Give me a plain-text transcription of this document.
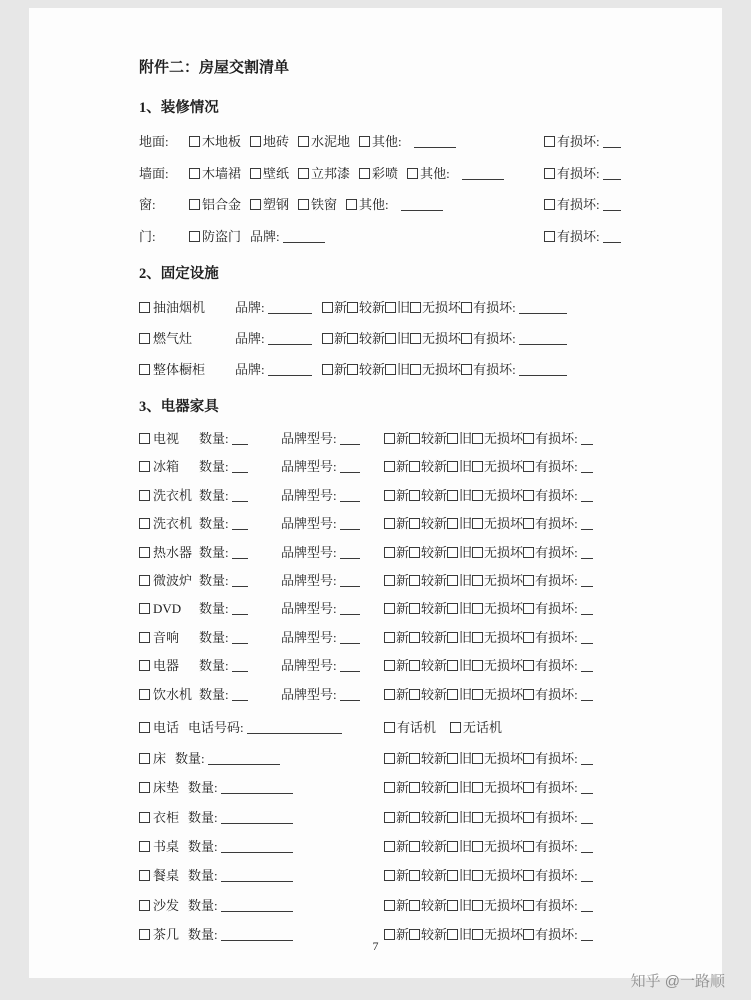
附件二：房屋交割清单
1、装修情况
地面:	木地板 地砖 水泥地 其他:	有损坏:
墙面:	木墙裙 壁纸 立邦漆 彩喷 其他:	有损坏:
窗:	铝合金 塑钢 铁窗 其他:	有损坏:
门:	防盗门 品牌:	有损坏:
2、固定设施
抽油烟机 品牌:	新 较新 旧 无损坏 有损坏:
燃气灶	品牌:	新 较新 旧 无损坏 有损坏:
整体橱柜 品牌:	新 较新 旧 无损坏 有损坏:
3、电器家具
电视 数量:	品牌型号:	新 较新 旧 无损坏 有损坏:
冰箱 数量:	品牌型号:	新 较新 旧 无损坏 有损坏:
洗衣机 数量:	品牌型号:	新 较新 旧 无损坏 有损坏:
洗衣机 数量:	品牌型号:	新 较新 旧 无损坏 有损坏:
热水器 数量:	品牌型号:	新 较新 旧 无损坏 有损坏:
微波炉 数量:	品牌型号:	新 较新 旧 无损坏 有损坏:
DVD 数量:	品牌型号:	新 较新 旧 无损坏 有损坏:
音响 数量:	品牌型号:	新 较新 旧 无损坏 有损坏:
电器 数量:	品牌型号:	新 较新 旧 无损坏 有损坏:
饮水机 数量:	品牌型号:	新 较新 旧 无损坏 有损坏:
电话 电话号码:	有话机 无话机
床 数量:	新 较新 旧 无损坏 有损坏:
床垫 数量:	新 较新 旧 无损坏 有损坏:
衣柜 数量:	新 较新 旧 无损坏 有损坏:
书桌 数量:	新 较新 旧 无损坏 有损坏:
餐桌 数量:	新 较新 旧 无损坏 有损坏:
沙发 数量:	新 较新 旧 无损坏 有损坏:
茶几 数量:	新 较新 旧 无损坏 有损坏:
7
知乎 @一路顺
